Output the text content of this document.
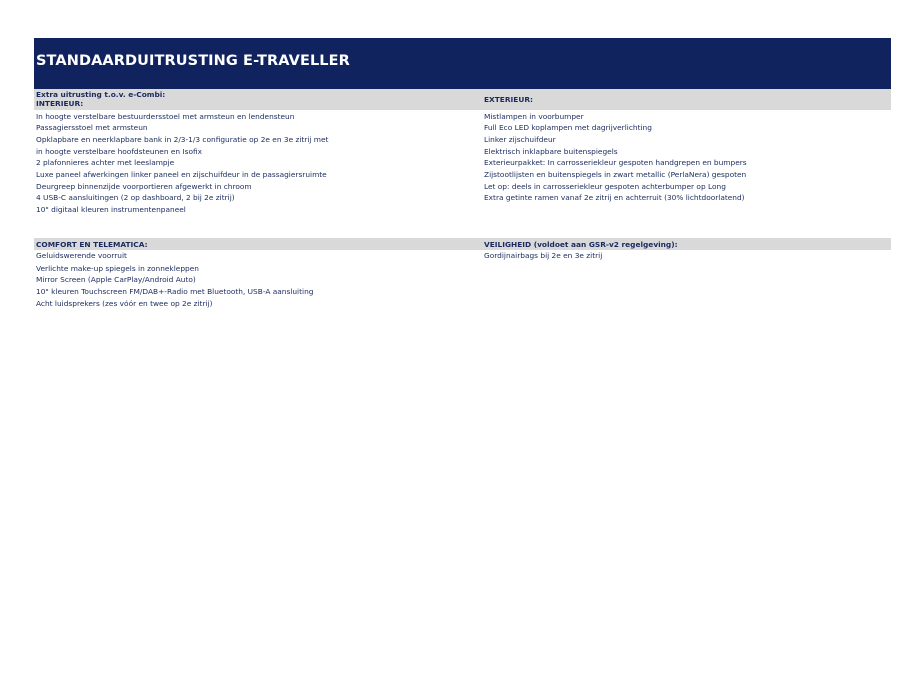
STANDAARDUITRUSTING E-TRAVELLER
Extra uitrusting t.o.v. e-Combi:
INTERIEUR:	EXTERIEUR:
In hoogte verstelbare bestuurdersstoel met armsteun en lendensteun
Passagiersstoel met armsteun
Opklapbare en neerklapbare bank in 2/3-1/3 configuratie op 2e en 3e zitrij met
in hoogte verstelbare hoofdsteunen en Isofix
2 plafonnieres achter met leeslampje
Luxe paneel afwerkingen linker paneel en zijschuifdeur in de passagiersruimte
Deurgreep binnenzijde voorportieren afgewerkt in chroom
4 USB-C aansluitingen (2 op dashboard, 2 bij 2e zitrij)
10" digitaal kleuren instrumentenpaneel
Mistlampen in voorbumper
Full Eco LED koplampen met dagrijverlichting
Linker zijschuifdeur
Elektrisch inklapbare buitenspiegels
Exterieurpakket: In carrosseriekleur gespoten handgrepen en bumpers
Zijstootlijsten en buitenspiegels in zwart metallic (PerlaNera) gespoten
Let op: deels in carrosseriekleur gespoten achterbumper op Long
Extra getinte ramen vanaf 2e zitrij en achterruit (30% lichtdoorlatend)
COMFORT EN TELEMATICA:	VEILIGHEID (voldoet aan GSR-v2 regelgeving):
Geluidswerende voorruit
Verlichte make-up spiegels in zonnekleppen
Mirror Screen (Apple CarPlay/Android Auto)
10" kleuren Touchscreen FM/DAB+-Radio met Bluetooth, USB-A aansluiting
Acht luidsprekers (zes vóór en twee op 2e zitrij)
Gordijnairbags bij 2e en 3e zitrij
